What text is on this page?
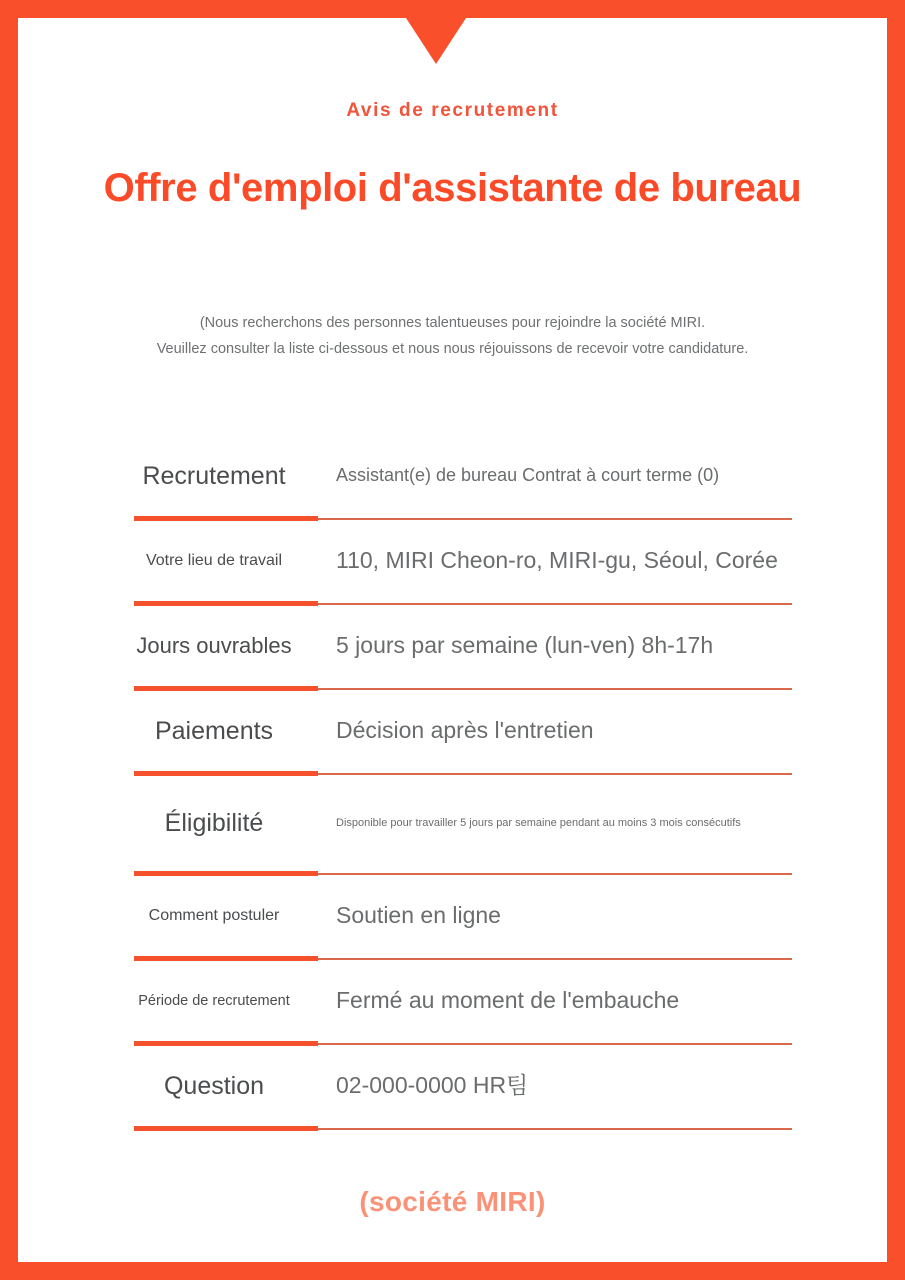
Avis de recrutement
Offre d'emploi d'assistante de bureau
(Nous recherchons des personnes talentueuses pour rejoindre la société MIRI.
Veuillez consulter la liste ci-dessous et nous nous réjouissons de recevoir votre candidature.
Recrutement	Assistant(e) de bureau Contrat à court terme (0)
Votre lieu de travail	110, MIRI Cheon-ro, MIRI-gu, Séoul, Corée
Jours ouvrables	5 jours par semaine (lun-ven) 8h-17h
Paiements	Décision après l'entretien
Éligibilité	Disponible pour travailler 5 jours par semaine pendant au moins 3 mois consécutifs
Comment postuler	Soutien en ligne
Période de recrutement	Fermé au moment de l'embauche
Question	02-000-0000 HR팀
(société MIRI)
